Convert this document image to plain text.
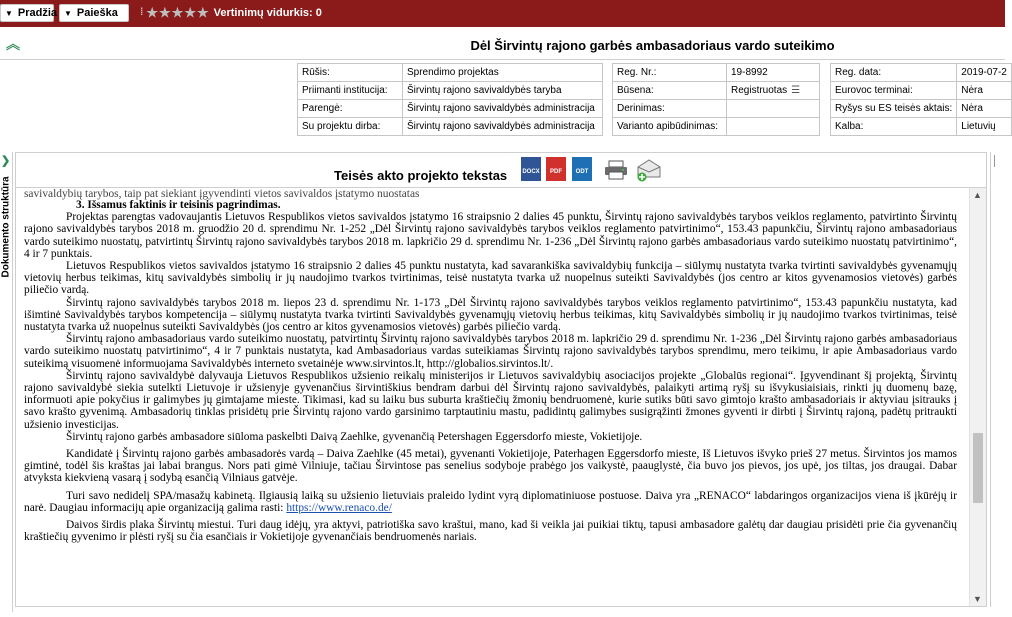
▼ Pradžia ▼ Paieška ⁞ ★ ★ ★ ★ ★ Vertinimų vidurkis: 0
︽	Dėl Širvintų rajono garbės ambasadoriaus vardo suteikimo
Rūšis:	Sprendimo projektas
Priimanti institucija:	Širvintų rajono savivaldybės taryba
Parengė:	Širvintų rajono savivaldybės administracija
Su projektu dirba:	Širvintų rajono savivaldybės administracija
Reg. Nr.:	19-8992
Būsena:	Registruotas ☰
Derinimas:	
Varianto apibūdinimas:	
Reg. data:	2019-07-2
Eurovoc terminai:	Nėra
Ryšys su ES teisės aktais:	Nėra
Kalba:	Lietuvių
❯
Dokumento struktūra
Teisės akto projekto tekstas	DOCX	PDF	ODT

savivaldybių tarybos, taip pat siekiant įgyvendinti vietos savivaldos įstatymo nuostatas

3. Išsamus faktinis ir teisinis pagrindimas.

Projektas parengtas vadovaujantis Lietuvos Respublikos vietos savivaldos įstatymo 16 straipsnio 2 dalies 45 punktu, Širvintų rajono savivaldybės tarybos veiklos reglamento, patvirtinto Širvintų rajono savivaldybės tarybos 2018 m. gruodžio 20 d. sprendimu Nr. 1-252 „Dėl Širvintų rajono savivaldybės tarybos veiklos reglamento patvirtinimo“, 153.43 papunkčiu, Širvintų rajono ambasadoriaus vardo suteikimo nuostatų, patvirtintų Širvintų rajono savivaldybės tarybos 2018 m. lapkričio 29 d. sprendimu Nr. 1-236 „Dėl Širvintų rajono garbės ambasadoriaus vardo suteikimo nuostatų patvirtinimo“, 4 ir 7 punktais.

Lietuvos Respublikos vietos savivaldos įstatymo 16 straipsnio 2 dalies 45 punktu nustatyta, kad savarankiška savivaldybių funkcija – siūlymų nustatyta tvarka tvirtinti savivaldybės gyvenamųjų vietovių herbus teikimas, kitų savivaldybės simbolių ir jų naudojimo tvarkos tvirtinimas, teisė nustatyta tvarka už nuopelnus suteikti Savivaldybės (jos centro ar kitos gyvenamosios vietovės) garbės piliečio vardą.

Širvintų rajono savivaldybės tarybos 2018 m. liepos 23 d. sprendimu Nr. 1-173 „Dėl Širvintų rajono savivaldybės tarybos veiklos reglamento patvirtinimo“, 153.43 papunkčiu nustatyta, kad išimtinė Savivaldybės tarybos kompetencija – siūlymų nustatyta tvarka tvirtinti Savivaldybės gyvenamųjų vietovių herbus teikimas, kitų Savivaldybės simbolių ir jų naudojimo tvarkos tvirtinimas, teisė nustatyta tvarka už nuopelnus suteikti Savivaldybės (jos centro ar kitos gyvenamosios vietovės) garbės piliečio vardą.

Širvintų rajono ambasadoriaus vardo suteikimo nuostatų, patvirtintų Širvintų rajono savivaldybės tarybos 2018 m. lapkričio 29 d. sprendimu Nr. 1-236 „Dėl Širvintų rajono garbės ambasadoriaus vardo suteikimo nuostatų patvirtinimo“, 4 ir 7 punktais nustatyta, kad Ambasadoriaus vardas suteikiamas Širvintų rajono savivaldybės tarybos sprendimu, mero teikimu, ir apie Ambasadoriaus vardo suteikimą visuomenė informuojama Savivaldybės interneto svetainėje www.sirvintos.lt, http://globalios.sirvintos.lt/.

Širvintų rajono savivaldybė dalyvauja Lietuvos Respublikos užsienio reikalų ministerijos ir Lietuvos savivaldybių asociacijos projekte „Globalūs regionai“. Įgyvendinant šį projektą, Širvintų rajono savivaldybė siekia sutelkti Lietuvoje ir užsienyje gyvenančius širvintiškius bendram darbui dėl Širvintų rajono savivaldybės, palaikyti artimą ryšį su išvykusiaisiais, rinkti jų duomenų bazę, informuoti apie pokyčius ir galimybes jų gimtajame mieste. Tikimasi, kad su laiku bus suburta kraštiečių žmonių bendruomenė, kurie sutiks būti savo gimtojo krašto ambasadoriais ir aktyviau įsitrauks į savo krašto gyvenimą. Ambasadorių tinklas prisidėtų prie Širvintų rajono vardo garsinimo tarptautiniu mastu, padidintų galimybes susigrąžinti žmones gyventi ir dirbti į Širvintų rajoną, padėtų pritraukti užsienio investicijas.

Širvintų rajono garbės ambasadore siūloma paskelbti Daivą Zaehlke, gyvenančią Petershagen Eggersdorfo mieste, Vokietijoje.

Kandidatė į Širvintų rajono garbės ambasadorės vardą – Daiva Zaehlke (45 metai), gyvenanti Vokietijoje, Paterhagen Eggersdorfo mieste, Iš Lietuvos išvyko prieš 27 metus. Širvintos jos mamos gimtinė, todėl šis kraštas jai labai brangus. Nors pati gimė Vilniuje, tačiau Širvintose pas senelius sodyboje prabėgo jos vaikystė, paauglystė, čia buvo jos pievos, jos upė, jos tiltas, jos draugai. Dabar atvyksta kiekvieną vasarą į sodybą esančią Vilniaus gatvėje.

Turi savo nedidelį SPA/masažų kabinetą. Ilgiausią laiką su užsienio lietuviais praleido lydint vyrą diplomatiniuose postuose. Daiva yra „RENACO“ labdaringos organizacijos viena iš įkūrėjų ir narė. Daugiau informacijų apie organizaciją galima rasti: https://www.renaco.de/

Daivos širdis plaka Širvintų miestui. Turi daug idėjų, yra aktyvi, patriotiška savo kraštui, mano, kad ši veikla jai puikiai tiktų, tapusi ambasadore galėtų dar daugiau prisidėti prie čia gyvenančių kraštiečių gyvenimo ir plėsti ryšį su čia esančiais ir Vokietijoje gyvenančiais bendruomenės nariais.

▲
▼
